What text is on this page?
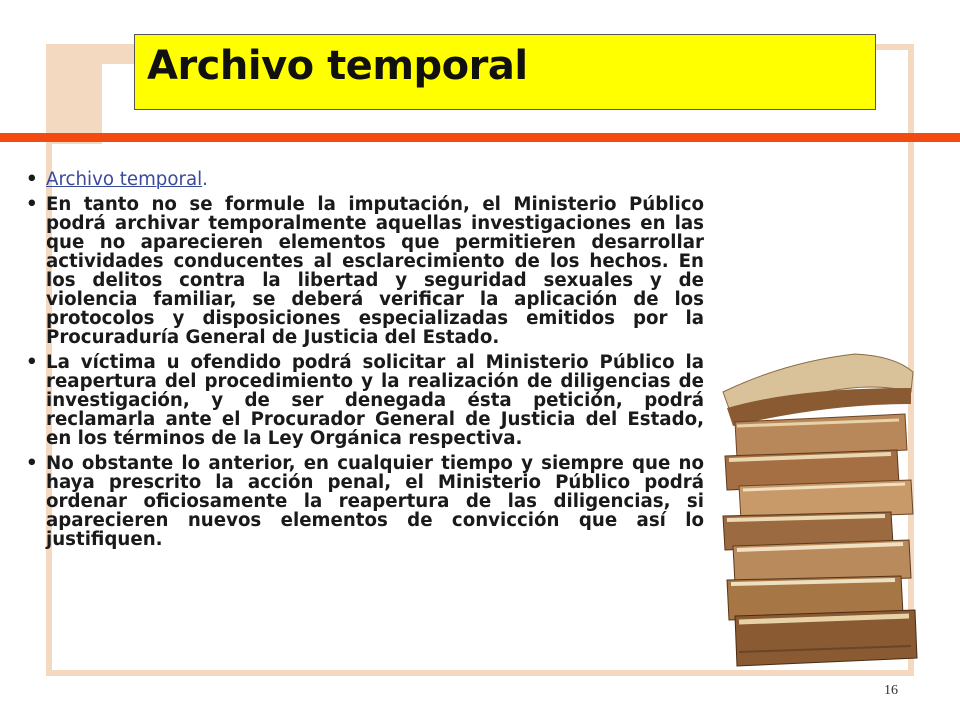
Archivo temporal
• Archivo temporal.
• En tanto no se formule la imputación, el Ministerio Público podrá archivar temporalmente aquellas investigaciones en las que no aparecieren elementos que permitieren desarrollar actividades conducentes al esclarecimiento de los hechos. En los delitos contra la libertad y seguridad sexuales y de violencia familiar, se deberá verificar la aplicación de los protocolos y disposiciones especializadas emitidos por la Procuraduría General de Justicia del Estado.
• La víctima u ofendido podrá solicitar al Ministerio Público la reapertura del procedimiento y la realización de diligencias de investigación, y de ser denegada ésta petición, podrá reclamarla ante el Procurador General de Justicia del Estado, en los términos de la Ley Orgánica respectiva.
• No obstante lo anterior, en cualquier tiempo y siempre que no haya prescrito la acción penal, el Ministerio Público podrá ordenar oficiosamente la reapertura de las diligencias, si aparecieren nuevos elementos de convicción que así lo justifiquen.
16
